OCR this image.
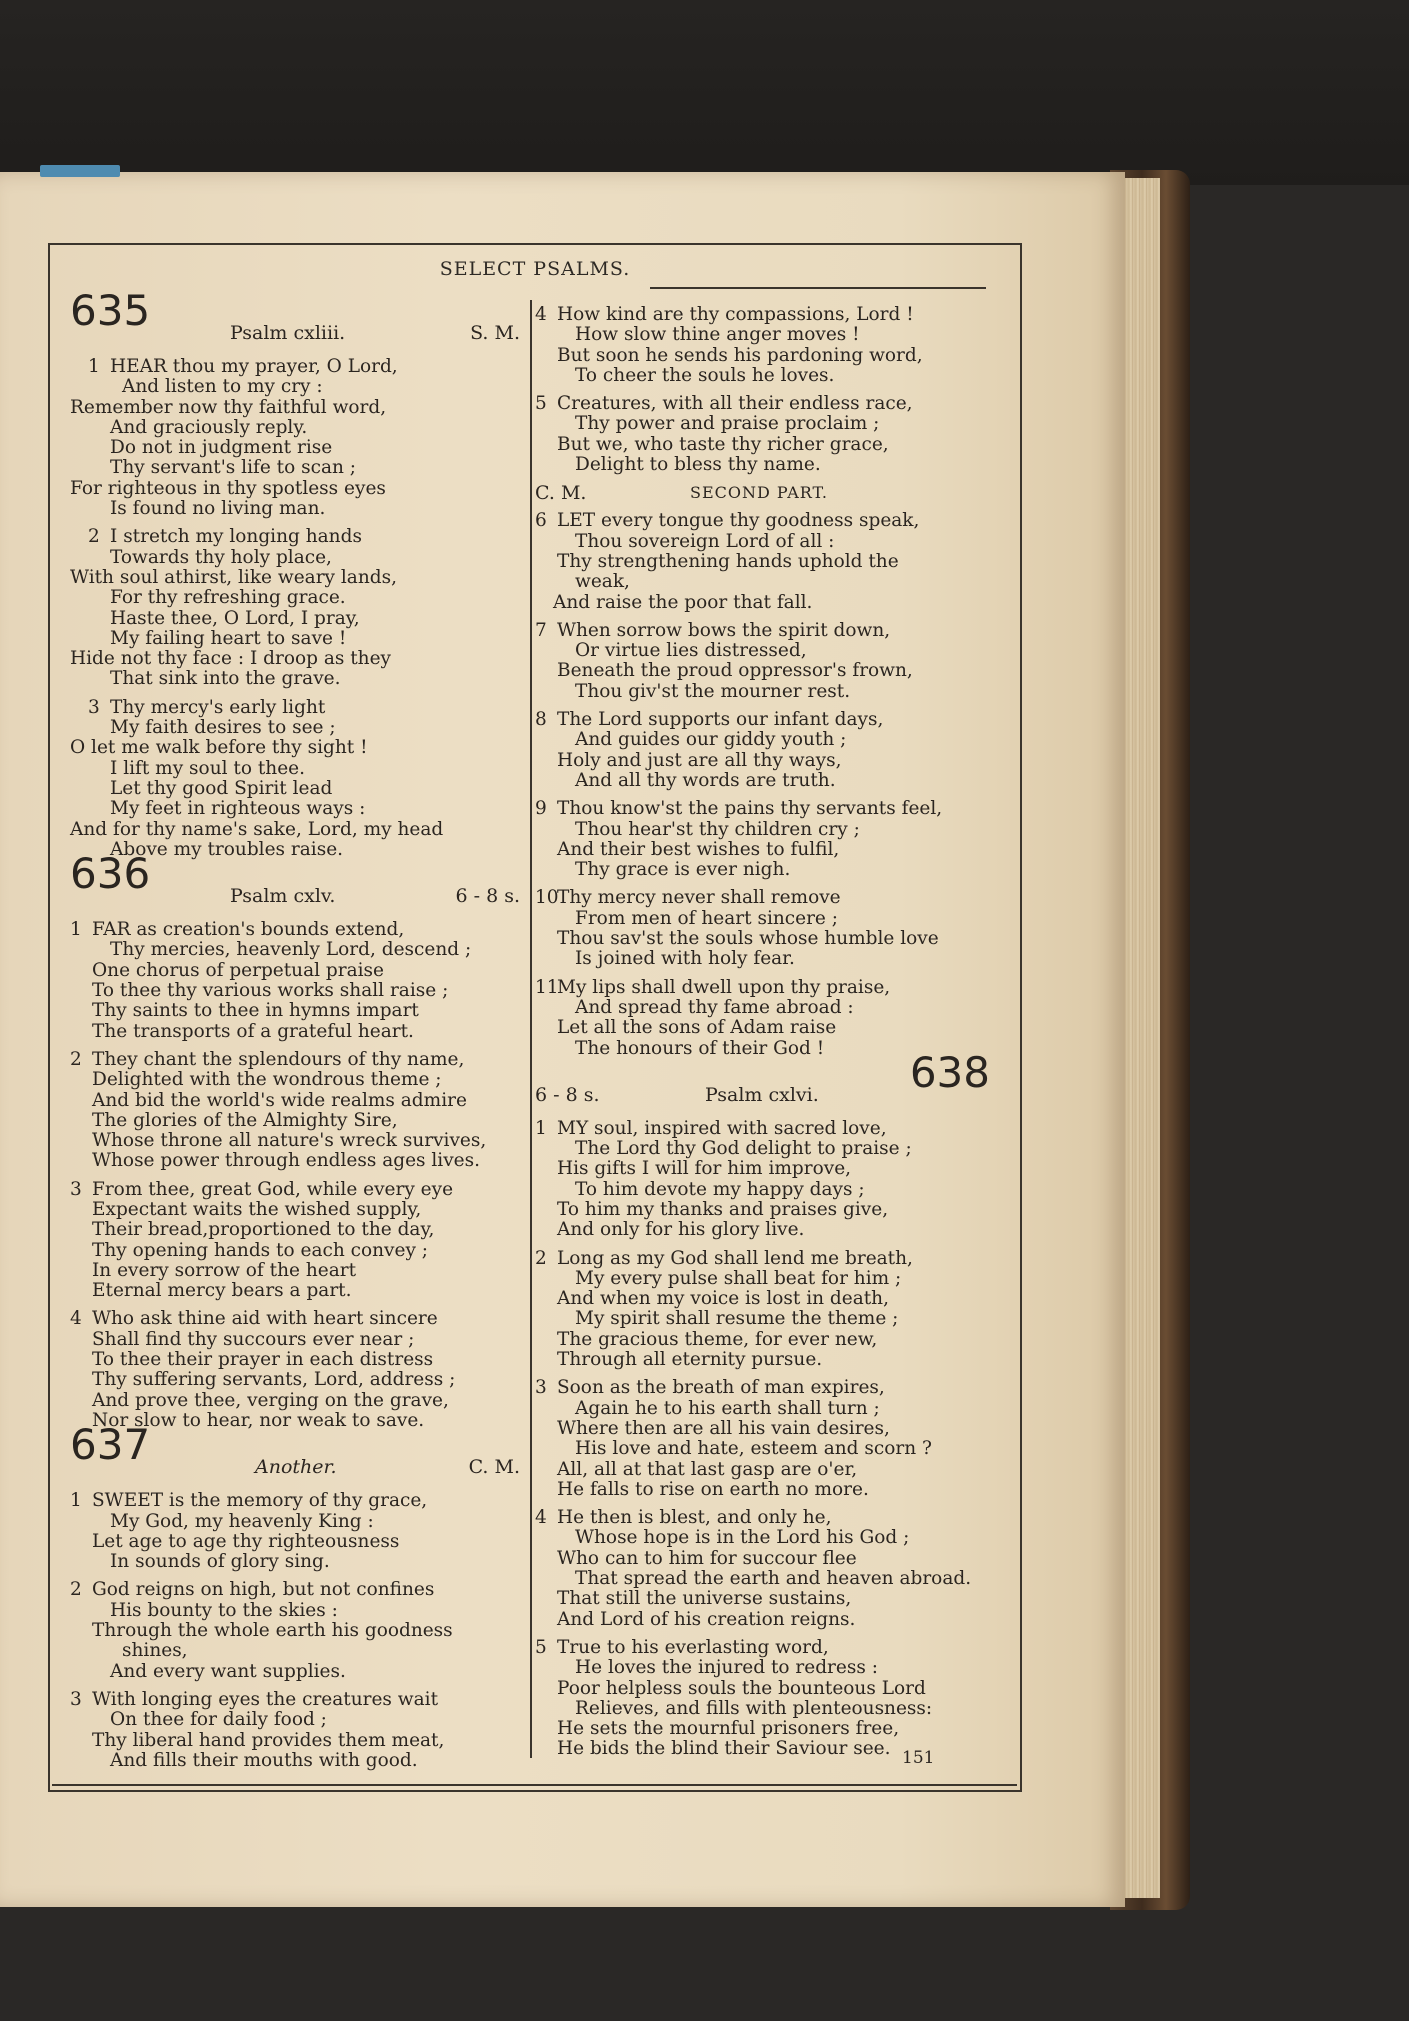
SELECT PSALMS.
635	Psalm cxliii.	S. M.
1 HEAR thou my prayer, O Lord,
And listen to my cry :
Remember now thy faithful word,
And graciously reply.
Do not in judgment rise
Thy servant's life to scan ;
For righteous in thy spotless eyes
Is found no living man.
2 I stretch my longing hands
Towards thy holy place,
With soul athirst, like weary lands,
For thy refreshing grace.
Haste thee, O Lord, I pray,
My failing heart to save !
Hide not thy face : I droop as they
That sink into the grave.
3 Thy mercy's early light
My faith desires to see ;
O let me walk before thy sight !
I lift my soul to thee.
Let thy good Spirit lead
My feet in righteous ways :
And for thy name's sake, Lord, my head
Above my troubles raise.
636	Psalm cxlv.	6 - 8 s.
1 FAR as creation's bounds extend,
Thy mercies, heavenly Lord, descend ;
One chorus of perpetual praise
To thee thy various works shall raise ;
Thy saints to thee in hymns impart
The transports of a grateful heart.
2 They chant the splendours of thy name,
Delighted with the wondrous theme ;
And bid the world's wide realms admire
The glories of the Almighty Sire,
Whose throne all nature's wreck survives,
Whose power through endless ages lives.
3 From thee, great God, while every eye
Expectant waits the wished supply,
Their bread,proportioned to the day,
Thy opening hands to each convey ;
In every sorrow of the heart
Eternal mercy bears a part.
4 Who ask thine aid with heart sincere
Shall find thy succours ever near ;
To thee their prayer in each distress
Thy suffering servants, Lord, address ;
And prove thee, verging on the grave,
Nor slow to hear, nor weak to save.
637	Another.	C. M.
1 SWEET is the memory of thy grace,
My God, my heavenly King :
Let age to age thy righteousness
In sounds of glory sing.
2 God reigns on high, but not confines
His bounty to the skies :
Through the whole earth his goodness
shines,
And every want supplies.
3 With longing eyes the creatures wait
On thee for daily food ;
Thy liberal hand provides them meat,
And fills their mouths with good.
4 How kind are thy compassions, Lord !
How slow thine anger moves !
But soon he sends his pardoning word,
To cheer the souls he loves.
5 Creatures, with all their endless race,
Thy power and praise proclaim ;
But we, who taste thy richer grace,
Delight to bless thy name.
C. M.	SECOND PART.
6 LET every tongue thy goodness speak,
Thou sovereign Lord of all :
Thy strengthening hands uphold the
weak,
And raise the poor that fall.
7 When sorrow bows the spirit down,
Or virtue lies distressed,
Beneath the proud oppressor's frown,
Thou giv'st the mourner rest.
8 The Lord supports our infant days,
And guides our giddy youth ;
Holy and just are all thy ways,
And all thy words are truth.
9 Thou know'st the pains thy servants feel,
Thou hear'st thy children cry ;
And their best wishes to fulfil,
Thy grace is ever nigh.
10Thy mercy never shall remove
From men of heart sincere ;
Thou sav'st the souls whose humble love
Is joined with holy fear.
11My lips shall dwell upon thy praise,
And spread thy fame abroad :
Let all the sons of Adam raise
The honours of their God !
6 - 8 s.	Psalm cxlvi. 638
1 MY soul, inspired with sacred love,
The Lord thy God delight to praise ;
His gifts I will for him improve,
To him devote my happy days ;
To him my thanks and praises give,
And only for his glory live.
2 Long as my God shall lend me breath,
My every pulse shall beat for him ;
And when my voice is lost in death,
My spirit shall resume the theme ;
The gracious theme, for ever new,
Through all eternity pursue.
3 Soon as the breath of man expires,
Again he to his earth shall turn ;
Where then are all his vain desires,
His love and hate, esteem and scorn ?
All, all at that last gasp are o'er,
He falls to rise on earth no more.
4 He then is blest, and only he,
Whose hope is in the Lord his God ;
Who can to him for succour flee
That spread the earth and heaven abroad.
That still the universe sustains,
And Lord of his creation reigns.
5 True to his everlasting word,
He loves the injured to redress :
Poor helpless souls the bounteous Lord
Relieves, and fills with plenteousness:
He sets the mournful prisoners free,
He bids the blind their Saviour see. 151
